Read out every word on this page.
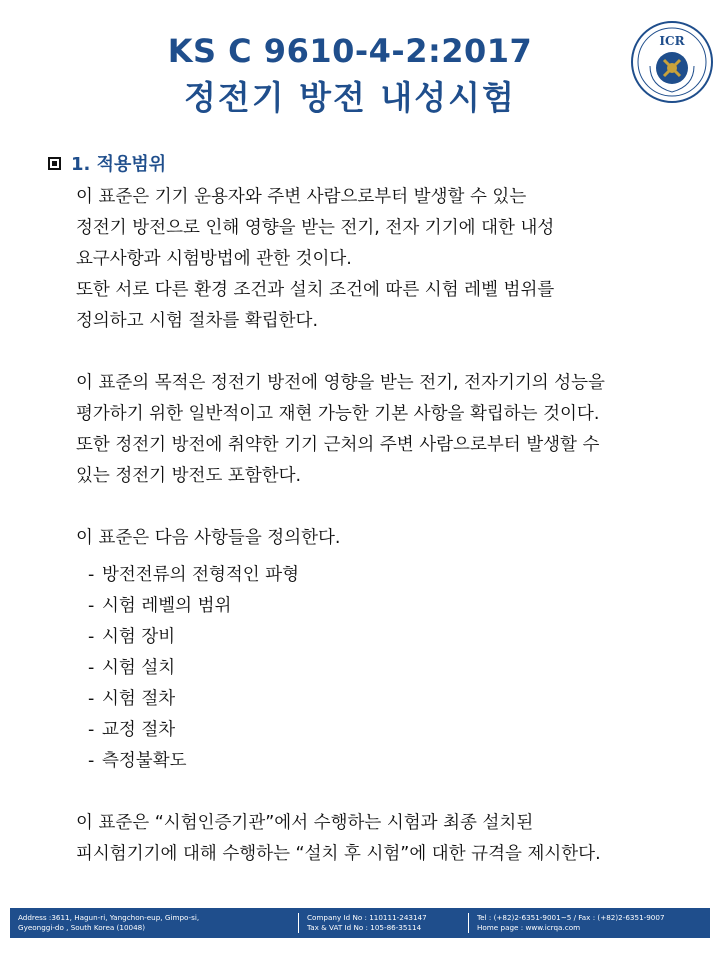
KS C 9610-4-2:2017
정전기 방전 내성시험
ICR
1. 적용범위

이 표준은 기기 운용자와 주변 사람으로부터 발생할 수 있는

정전기 방전으로 인해 영향을 받는 전기, 전자 기기에 대한 내성

요구사항과 시험방법에 관한 것이다.

또한 서로 다른 환경 조건과 설치 조건에 따른 시험 레벨 범위를

정의하고 시험 절차를 확립한다.

이 표준의 목적은 정전기 방전에 영향을 받는 전기, 전자기기의 성능을

평가하기 위한 일반적이고 재현 가능한 기본 사항을 확립하는 것이다.

또한 정전기 방전에 취약한 기기 근처의 주변 사람으로부터 발생할 수

있는 정전기 방전도 포함한다.

이 표준은 다음 사항들을 정의한다.

- 방전전류의 전형적인 파형
- 시험 레벨의 범위
- 시험 장비
- 시험 설치
- 시험 절차
- 교정 절차
- 측정불확도

이 표준은 “시험인증기관”에서 수행하는 시험과 최종 설치된

피시험기기에 대해 수행하는 “설치 후 시험”에 대한 규격을 제시한다.

Address :3611, Hagun-ri, Yangchon-eup, Gimpo-si,
Gyeonggi-do , South Korea (10048)
Company Id No : 110111-243147
Tax & VAT Id No : 105-86-35114
Tel : (+82)2-6351-9001~5 / Fax : (+82)2-6351-9007
Home page : www.icrqa.com
